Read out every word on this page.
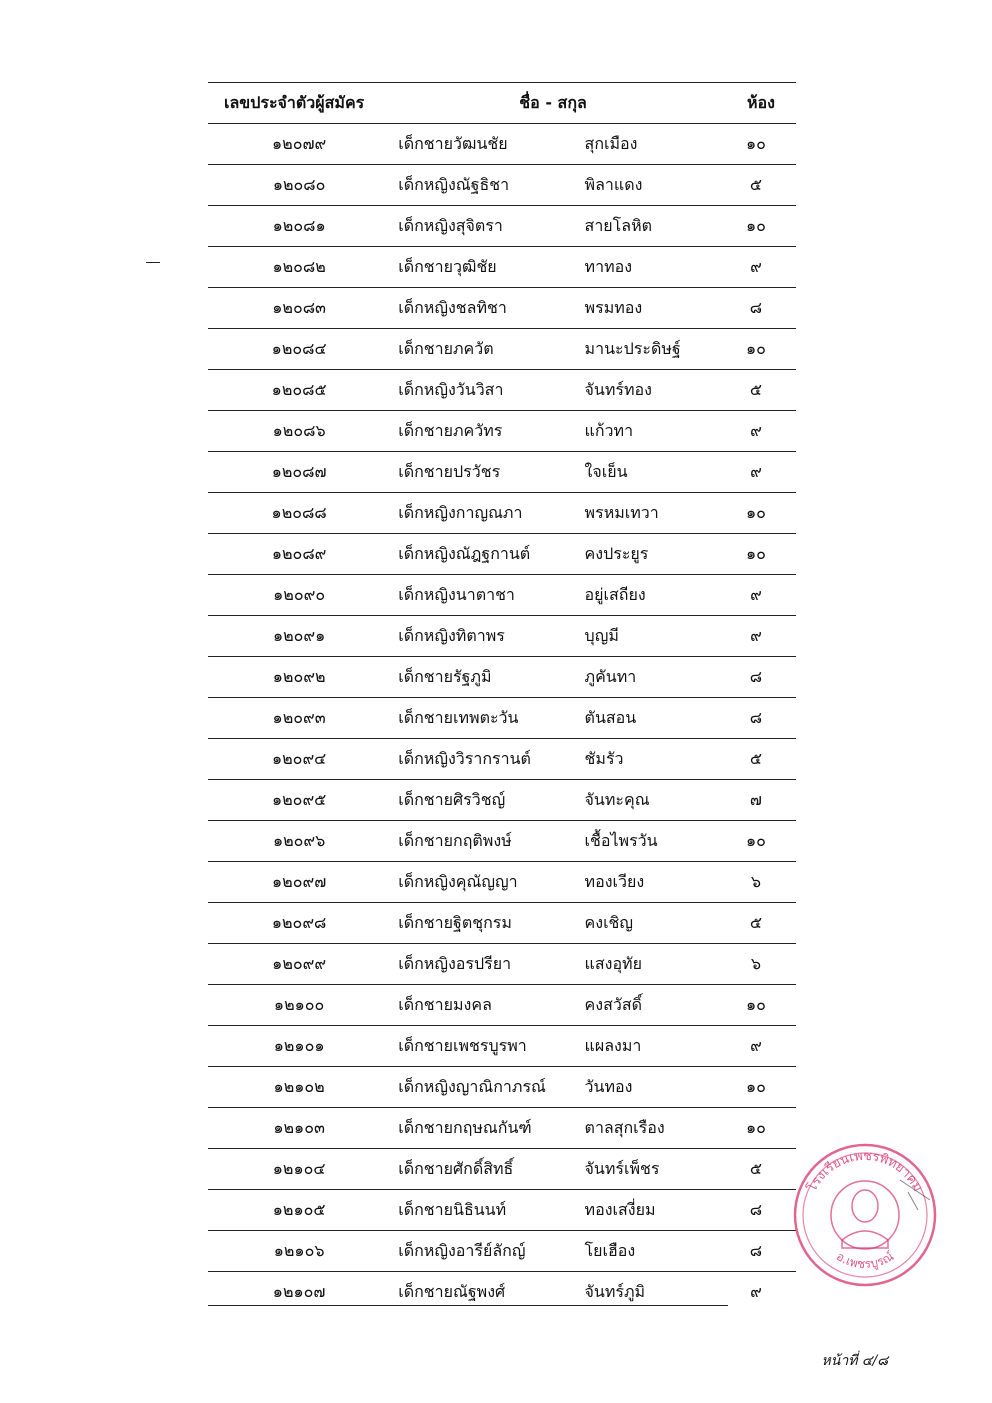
เลขประจำตัวผู้สมัคร	ชื่อ - สกุล		ห้อง
๑๒๐๗๙	เด็กชายวัฒนชัย	สุกเมือง	๑๐
๑๒๐๘๐	เด็กหญิงณัฐธิชา	พิลาแดง	๕
๑๒๐๘๑	เด็กหญิงสุจิตรา	สายโลหิต	๑๐
๑๒๐๘๒	เด็กชายวุฒิชัย	ทาทอง	๙
๑๒๐๘๓	เด็กหญิงชลทิชา	พรมทอง	๘
๑๒๐๘๔	เด็กชายภควัต	มานะประดิษฐ์	๑๐
๑๒๐๘๕	เด็กหญิงวันวิสา	จันทร์ทอง	๕
๑๒๐๘๖	เด็กชายภควัทร	แก้วทา	๙
๑๒๐๘๗	เด็กชายปรวัชร	ใจเย็น	๙
๑๒๐๘๘	เด็กหญิงกาญณภา	พรหมเทวา	๑๐
๑๒๐๘๙	เด็กหญิงณัฎฐกานต์	คงประยูร	๑๐
๑๒๐๙๐	เด็กหญิงนาตาชา	อยู่เสถียง	๙
๑๒๐๙๑	เด็กหญิงทิตาพร	บุญมี	๙
๑๒๐๙๒	เด็กชายรัฐภูมิ	ภูคันทา	๘
๑๒๐๙๓	เด็กชายเทพตะวัน	ตันสอน	๘
๑๒๐๙๔	เด็กหญิงวิรากรานต์	ชัมรัว	๕
๑๒๐๙๕	เด็กชายศิรวิชญ์	จันทะคุณ	๗
๑๒๐๙๖	เด็กชายกฤติพงษ์	เชื้อไพรวัน	๑๐
๑๒๐๙๗	เด็กหญิงคุณัญญา	ทองเวียง	๖
๑๒๐๙๘	เด็กชายฐิตชุกรม	คงเชิญ	๕
๑๒๐๙๙	เด็กหญิงอรปรียา	แสงอุทัย	๖
๑๒๑๐๐	เด็กชายมงคล	คงสวัสดิ์	๑๐
๑๒๑๐๑	เด็กชายเพชรบูรพา	แผลงมา	๙
๑๒๑๐๒	เด็กหญิงญาณิกาภรณ์	วันทอง	๑๐
๑๒๑๐๓	เด็กชายกฤษณกันฑ์	ตาลสุกเรือง	๑๐
๑๒๑๐๔	เด็กชายศักดิ์สิทธิ์	จันทร์เพ็ชร	๕
๑๒๑๐๕	เด็กชายนิธินนท์	ทองเสงี่ยม	๘
๑๒๑๐๖	เด็กหญิงอารีย์ลักญ์	โยเฮือง	๘
๑๒๑๐๗	เด็กชายณัฐพงศ์	จันทร์ภูมิ	๙
โรงเรียนเพชรพิทยาคม
อ.เพชรบูรณ์
หน้าที่ ๔/๘
